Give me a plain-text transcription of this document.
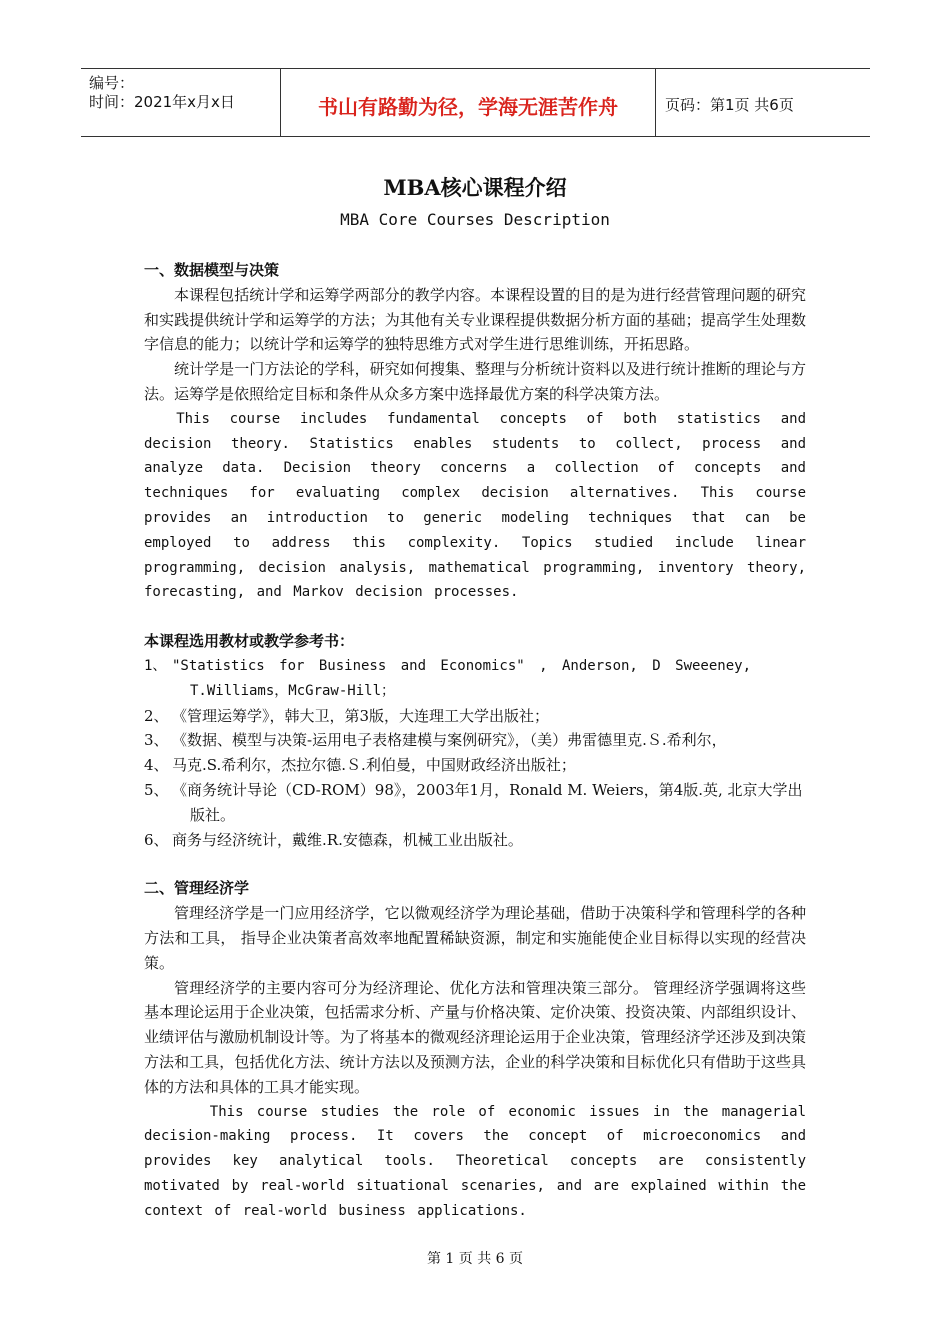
编号：
时间：2021年x月x日	书山有路勤为径，学海无涯苦作舟	页码：第1页 共6页
MBA核心课程介绍
MBA Core Courses Description

一、数据模型与决策

本课程包括统计学和运筹学两部分的教学内容。本课程设置的目的是为进行经营管理问题的研究和实践提供统计学和运筹学的方法；为其他有关专业课程提供数据分析方面的基础；提高学生处理数字信息的能力；以统计学和运筹学的独特思维方式对学生进行思维训练，开拓思路。

统计学是一门方法论的学科，研究如何搜集、整理与分析统计资料以及进行统计推断的理论与方法。运筹学是依照给定目标和条件从众多方案中选择最优方案的科学决策方法。

This course includes fundamental concepts of both statistics and decision theory. Statistics enables students to collect, process and analyze data. Decision theory concerns a collection of concepts and techniques for evaluating complex decision alternatives. This course provides an introduction to generic modeling techniques that can be employed to address this complexity. Topics studied include linear programming, decision analysis, mathematical programming, inventory theory, forecasting, and Markov decision processes.

本课程选用教材或教学参考书：

1、 "Statistics for Business and Economics" , Anderson, D Sweeeney, T.Williams，McGraw-Hill；

2、 《管理运筹学》，韩大卫，第3版，大连理工大学出版社；

3、 《数据、模型与决策-运用电子表格建模与案例研究》，（美）弗雷德里克.Ｓ.希利尔，

4、 马克.S.希利尔，杰拉尔德.Ｓ.利伯曼，中国财政经济出版社；

5、 《商务统计导论（CD-ROM）98》，2003年1月，Ronald M. Weiers，第4版.英, 北京大学出版社。

6、 商务与经济统计，戴维.R.安德森，机械工业出版社。

二、管理经济学

管理经济学是一门应用经济学，它以微观经济学为理论基础，借助于决策科学和管理科学的各种方法和工具， 指导企业决策者高效率地配置稀缺资源，制定和实施能使企业目标得以实现的经营决策。

管理经济学的主要内容可分为经济理论、优化方法和管理决策三部分。 管理经济学强调将这些基本理论运用于企业决策，包括需求分析、产量与价格决策、定价决策、投资决策、内部组织设计、业绩评估与激励机制设计等。为了将基本的微观经济理论运用于企业决策，管理经济学还涉及到决策方法和工具，包括优化方法、统计方法以及预测方法，企业的科学决策和目标优化只有借助于这些具体的方法和具体的工具才能实现。

This course studies the role of economic issues in the managerial decision-making process. It covers the concept of microeconomics and provides key analytical tools. Theoretical concepts are consistently motivated by real-world situational scenaries, and are explained within the context of real-world business applications.

第 1 页 共 6 页
